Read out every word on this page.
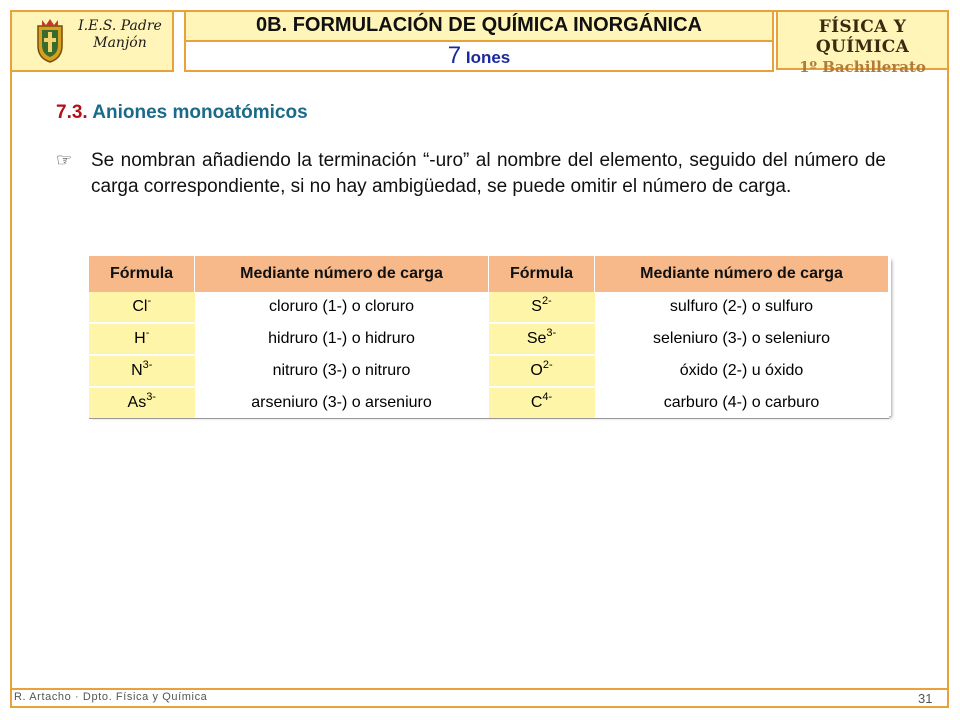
I.E.S. Padre
Manjón
0B. FORMULACIÓN DE QUÍMICA INORGÁNICA
7 Iones
FÍSICA Y QUÍMICA
1º Bachillerato
7.3. Aniones monoatómicos
☞ Se nombran añadiendo la terminación “-uro” al nombre del elemento, seguido del número de carga correspondiente, si no hay ambigüedad, se puede omitir el número de carga.
Fórmula	Mediante número de carga	Fórmula	Mediante número de carga
Cl-	cloruro (1-) o cloruro	$S^{2-}$	sulfuro (2-) o sulfuro
H-	hidruro (1-) o hidruro	$Se^{3-}$	seleniuro (3-) o seleniuro
$N^{3-}$	nitruro (3-) o nitruro	$O^{2-}$	óxido (2-) u óxido
$As^{3-}$	arseniuro (3-) o arseniuro	$C^{4-}$	carburo (4-) o carburo
R. Artacho · Dpto. Física y Química	31
